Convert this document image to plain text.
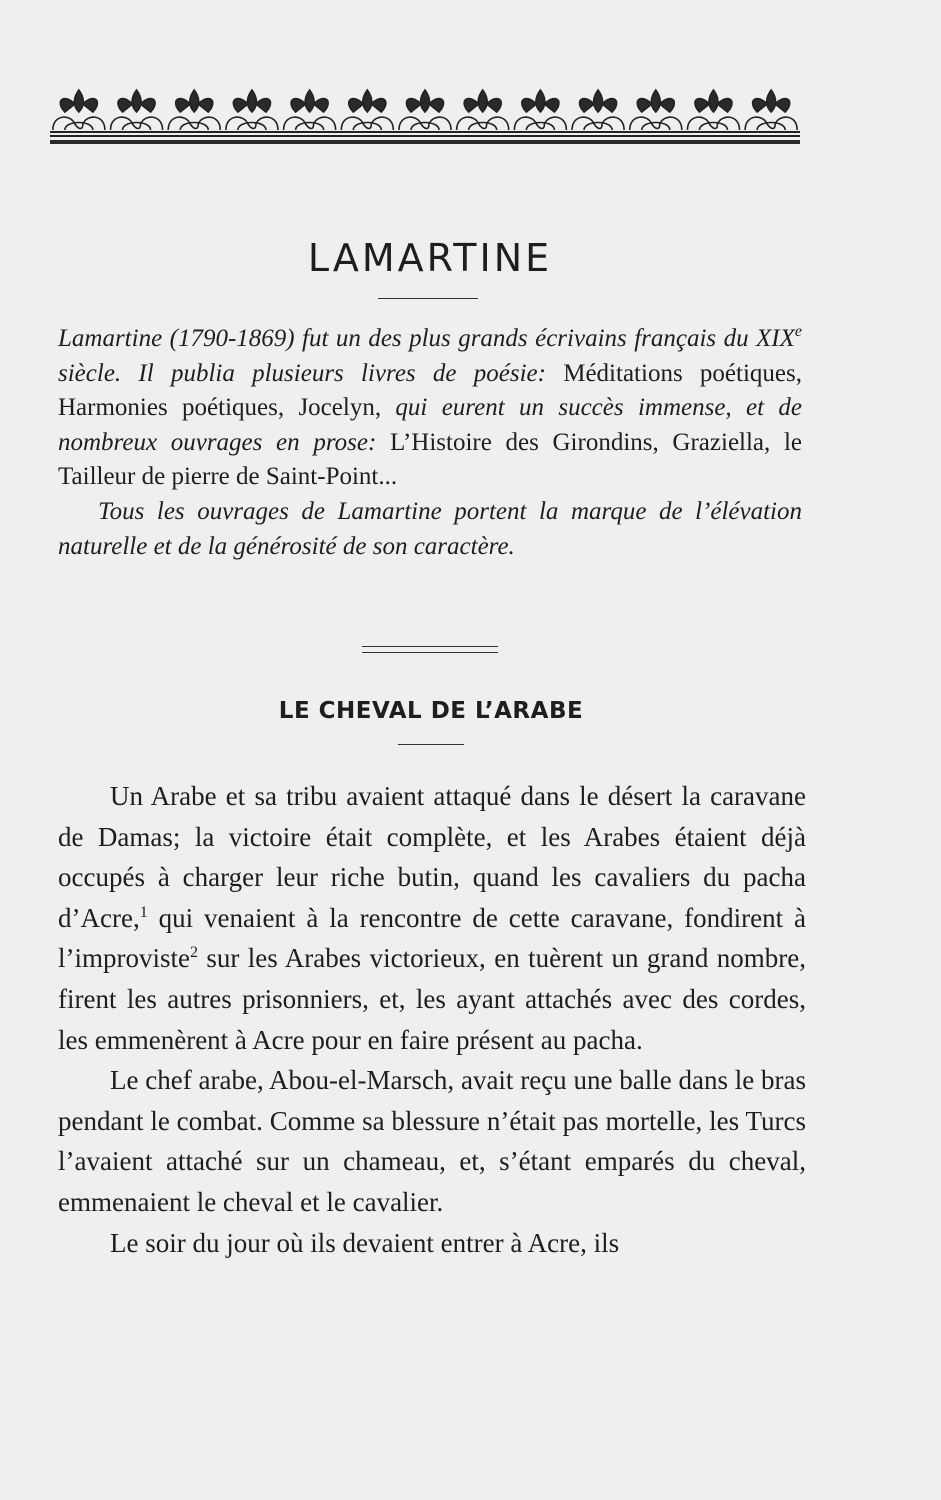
LAMARTINE

Lamartine (1790-1869) fut un des plus grands écrivains français du XIXe siècle. Il publia plusieurs livres de poésie: Méditations poétiques, Harmonies poétiques, Jocelyn, qui eurent un succès immense, et de nombreux ouvrages en prose: L’Histoire des Girondins, Graziella, le Tailleur de pierre de Saint-Point...

Tous les ouvrages de Lamartine portent la marque de l’élévation naturelle et de la générosité de son caractère.

LE CHEVAL DE L’ARABE

Un Arabe et sa tribu avaient attaqué dans le désert la caravane de Damas; la victoire était complète, et les Arabes étaient déjà occupés à charger leur riche butin, quand les cavaliers du pacha d’Acre,$^1$ qui venaient à la rencontre de cette caravane, fondirent à l’improviste$^2$ sur les Arabes victorieux, en tuèrent un grand nombre, firent les autres prisonniers, et, les ayant attachés avec des cordes, les emmenèrent à Acre pour en faire présent au pacha.

Le chef arabe, Abou-el-Marsch, avait reçu une balle dans le bras pendant le combat. Comme sa blessure n’était pas mortelle, les Turcs l’avaient attaché sur un chameau, et, s’étant emparés du cheval, emmenaient le cheval et le cavalier.

Le soir du jour où ils devaient entrer à Acre, ils
